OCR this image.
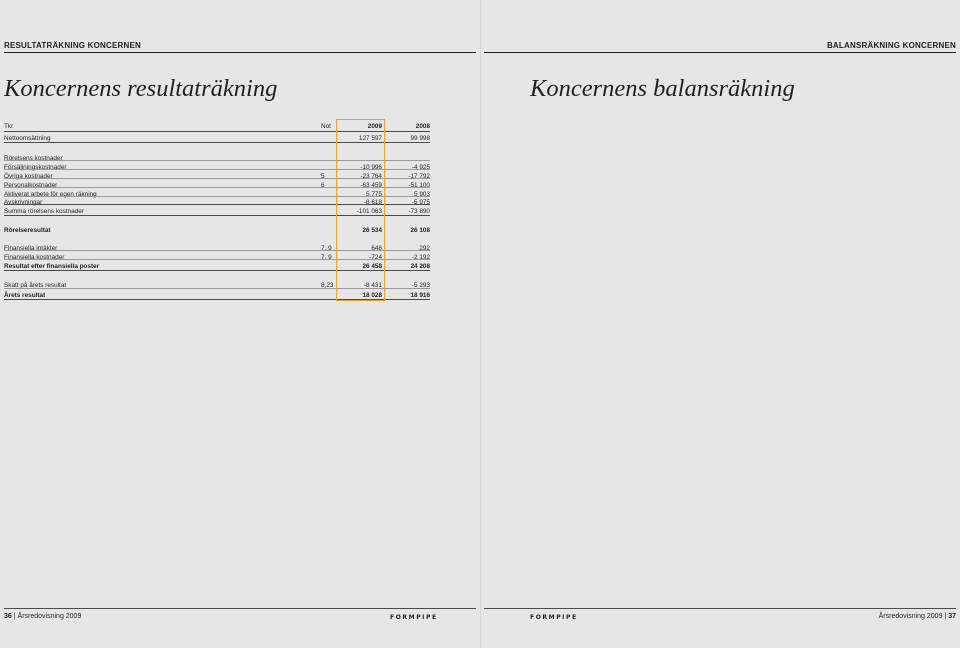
RESULTATRÄKNING KONCERNEN	BALANSRÄKNING KONCERNEN
Koncernens resultaträkning	Koncernens balansräkning
Tkr	Not	2009	2008
Nettoomsättning	127 597	99 998
Rörelsens kostnader
Försäljningskostnader	-10 996	-4 925
Övriga kostnader	5	-23 764	-17 792
Personalkostnader	6	-63 459	-51 100
Aktiverat arbete för egen räkning	5 775	5 903
Avskrivningar	-8 618	-5 975
Summa rörelsens kostnader	-101 063	-73 890
Rörelseresultat	26 534	26 108
Finansiella intäkter	7, 9	648	292
Finansiella kostnader	7, 9	-724	-2 192
Resultat efter finansiella poster	26 458	24 208
Skatt på årets resultat	8,23	-8 431	-5 293
Årets resultat	18 028	18 916
36 | Årsredovisning 2009	FORMPIPE	FORMPIPE	Årsredovisning 2009 | 37
